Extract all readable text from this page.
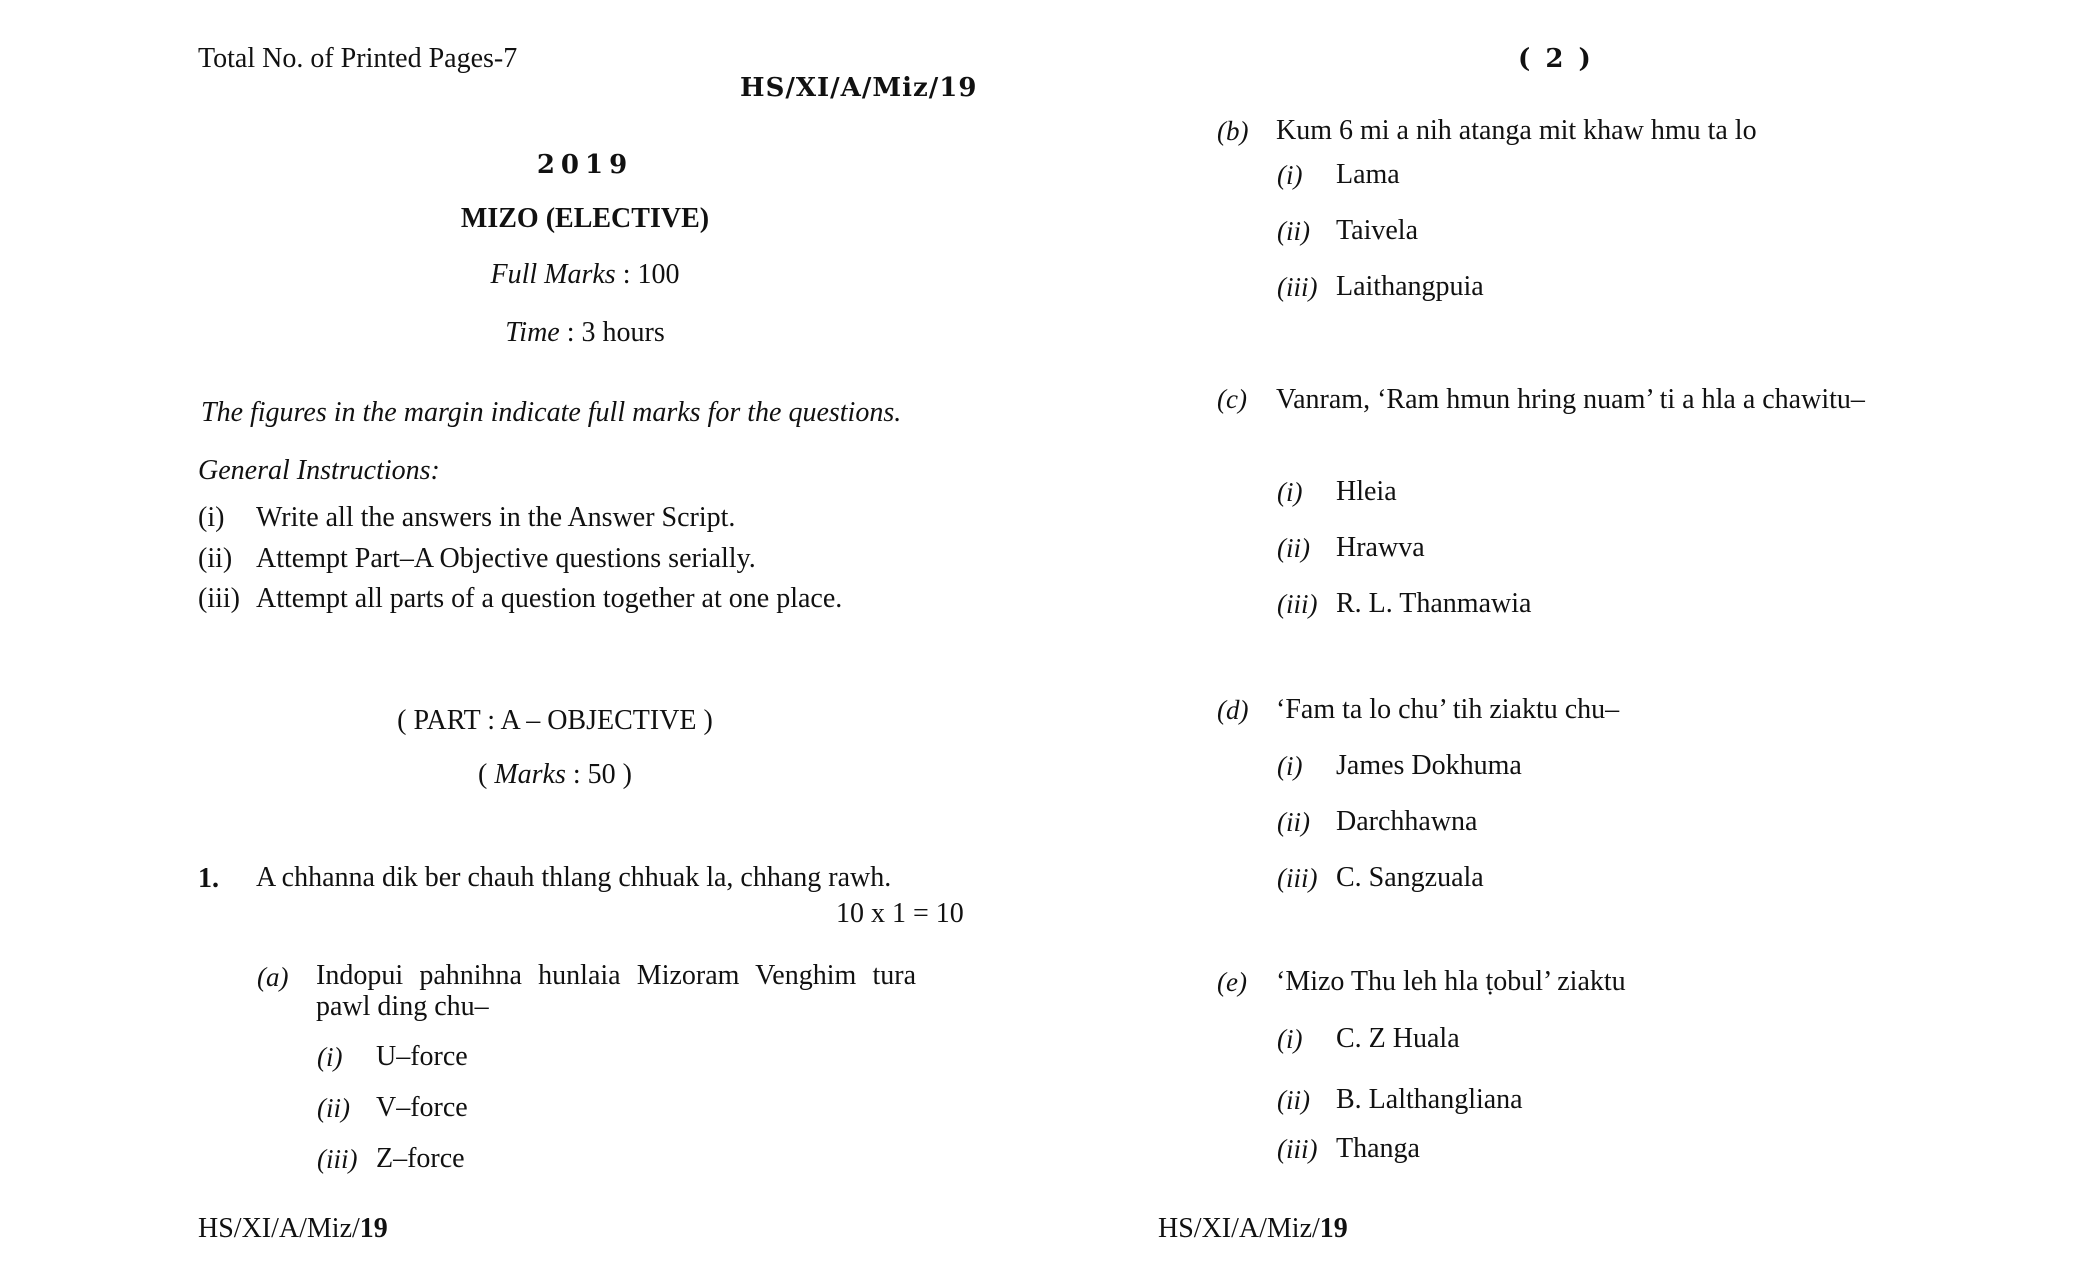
Total No. of Printed Pages-7
HS/XI/A/Miz/19
2019
MIZO (ELECTIVE)
Full Marks : 100
Time : 3 hours
The figures in the margin indicate full marks for the questions.
General Instructions:
(i) Write all the answers in the Answer Script.
(ii) Attempt Part–A Objective questions serially.
(iii) Attempt all parts of a question together at one place.
( PART : A – OBJECTIVE )
( Marks : 50 )
1. A chhanna dik ber chauh thlang chhuak la, chhang rawh.
10 x 1 = 10
(a) Indopui pahnihna hunlaia Mizoram Venghim tura pawl ding chu–
(i) U–force
(ii) V–force
(iii) Z–force
HS/XI/A/Miz/19
( 2 )
(b) Kum 6 mi a nih atanga mit khaw hmu ta lo
(i) Lama
(ii) Taivela
(iii) Laithangpuia
(c) Vanram, ‘Ram hmun hring nuam’ ti a hla a chawitu–
(i) Hleia
(ii) Hrawva
(iii) R. L. Thanmawia
(d) ‘Fam ta lo chu’ tih ziaktu chu–
(i) James Dokhuma
(ii) Darchhawna
(iii) C. Sangzuala
(e) ‘Mizo Thu leh hla ṭobul’ ziaktu
(i) C. Z Huala
(ii) B. Lalthangliana
(iii) Thanga
HS/XI/A/Miz/19
